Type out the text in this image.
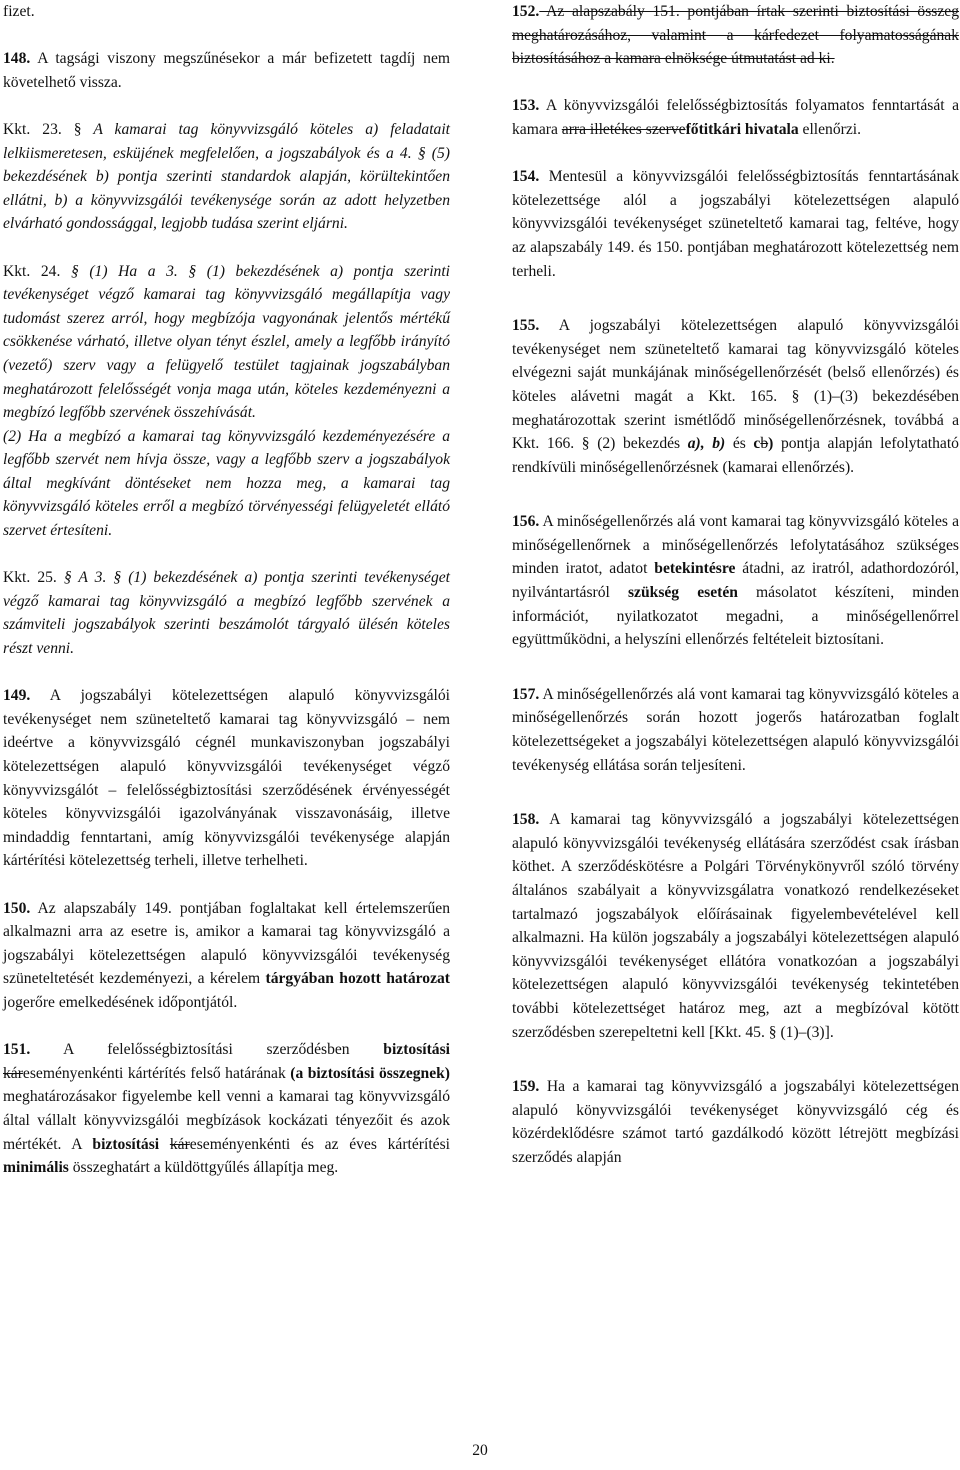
fizet.

148. A tagsági viszony megszűnésekor a már befizetett tagdíj nem követelhető vissza.

Kkt. 23. § A kamarai tag könyvvizsgáló köteles a) feladatait lelkiismeretesen, esküjének megfelelően, a jogszabályok és a 4. § (5) bekezdésének b) pontja szerinti standardok alapján, körültekintően ellátni, b) a könyvvizsgálói tevékenysége során az adott helyzetben elvárható gondossággal, legjobb tudása szerint eljárni.

Kkt. 24. § (1) Ha a 3. § (1) bekezdésének a) pontja szerinti tevékenységet végző kamarai tag könyvvizsgáló megállapítja vagy tudomást szerez arról, hogy megbízója vagyonának jelentős mértékű csökkenése várható, illetve olyan tényt észlel, amely a legfőbb irányító (vezető) szerv vagy a felügyelő testület tagjainak jogszabályban meghatározott felelősségét vonja maga után, köteles kezdeményezni a megbízó legfőbb szervének összehívását.

(2) Ha a megbízó a kamarai tag könyvvizsgáló kezdeményezésére a legfőbb szervét nem hívja össze, vagy a legfőbb szerv a jogszabályok által megkívánt döntéseket nem hozza meg, a kamarai tag könyvvizsgáló köteles erről a megbízó törvényességi felügyeletét ellátó szervet értesíteni.

Kkt. 25. § A 3. § (1) bekezdésének a) pontja szerinti tevékenységet végző kamarai tag könyvvizsgáló a megbízó legfőbb szervének a számviteli jogszabályok szerinti beszámolót tárgyaló ülésén köteles részt venni.

149. A jogszabályi kötelezettségen alapuló könyvvizsgálói tevékenységet nem szüneteltető kamarai tag könyvvizsgáló – nem ideértve a könyvvizsgáló cégnél munkaviszonyban jogszabályi kötelezettségen alapuló könyvvizsgálói tevékenységet végző könyvvizsgálót – felelősségbiztosítási szerződésének érvényességét köteles könyvvizsgálói igazolványának visszavonásáig, illetve mindaddig fenntartani, amíg könyvvizsgálói tevékenysége alapján kártérítési kötelezettség terheli, illetve terhelheti.

150. Az alapszabály 149. pontjában foglaltakat kell értelemszerűen alkalmazni arra az esetre is, amikor a kamarai tag könyvvizsgáló a jogszabályi kötelezettségen alapuló könyvvizsgálói tevékenység szüneteltetését kezdeményezi, a kérelem tárgyában hozott határozat jogerőre emelkedésének időpontjától.

151. A felelősségbiztosítási szerződésben biztosítási káreseményenkénti kártérítés felső határának (a biztosítási összegnek) meghatározásakor figyelembe kell venni a kamarai tag könyvvizsgáló által vállalt könyvvizsgálói megbízások kockázati tényezőit és azok mértékét. A biztosítási káreseményenkénti és az éves kártérítési minimális összeghatárt a küldöttgyűlés állapítja meg.

152. Az alapszabály 151. pontjában írtak szerinti biztosítási összeg meghatározásához, valamint a kárfedezet folyamatosságának biztosításához a kamara elnöksége útmutatást ad ki.

153. A könyvvizsgálói felelősségbiztosítás folyamatos fenntartását a kamara arra illetékes szervefőtitkári hivatala ellenőrzi.

154. Mentesül a könyvvizsgálói felelősségbiztosítás fenntartásának kötelezettsége alól a jogszabályi kötelezettségen alapuló könyvvizsgálói tevékenységet szüneteltető kamarai tag, feltéve, hogy az alapszabály 149. és 150. pontjában meghatározott kötelezettség nem terheli.

155. A jogszabályi kötelezettségen alapuló könyvvizsgálói tevékenységet nem szüneteltető kamarai tag könyvvizsgáló köteles elvégezni saját munkájának minőségellenőrzését (belső ellenőrzés) és köteles alávetni magát a Kkt. 165. § (1)–(3) bekezdésében meghatározottak szerint ismétlődő minőségellenőrzésnek, továbbá a Kkt. 166. § (2) bekezdés a), b) és cb) pontja alapján lefolytatható rendkívüli minőségellenőrzésnek (kamarai ellenőrzés).

156. A minőségellenőrzés alá vont kamarai tag könyvvizsgáló köteles a minőségellenőrnek a minőségellenőrzés lefolytatásához szükséges minden iratot, adatot betekintésre átadni, az iratról, adathordozóról, nyilvántartásról szükség esetén másolatot készíteni, minden információt, nyilatkozatot megadni, a minőségellenőrrel együttműködni, a helyszíni ellenőrzés feltételeit biztosítani.

157. A minőségellenőrzés alá vont kamarai tag könyvvizsgáló köteles a minőségellenőrzés során hozott jogerős határozatban foglalt kötelezettségeket a jogszabályi kötelezettségen alapuló könyvvizsgálói tevékenység ellátása során teljesíteni.

158. A kamarai tag könyvvizsgáló a jogszabályi kötelezettségen alapuló könyvvizsgálói tevékenység ellátására szerződést csak írásban köthet. A szerződéskötésre a Polgári Törvénykönyvről szóló törvény általános szabályait a könyvvizsgálatra vonatkozó rendelkezéseket tartalmazó jogszabályok előírásainak figyelembevételével kell alkalmazni. Ha külön jogszabály a jogszabályi kötelezettségen alapuló könyvvizsgálói tevékenységet ellátóra vonatkozóan a jogszabályi kötelezettségen alapuló könyvvizsgálói tevékenység tekintetében további kötelezettséget határoz meg, azt a megbízóval kötött szerződésben szerepeltetni kell [Kkt. 45. § (1)–(3)].

159. Ha a kamarai tag könyvvizsgáló a jogszabályi kötelezettségen alapuló könyvvizsgálói tevékenységet könyvvizsgáló cég és közérdeklődésre számot tartó gazdálkodó között létrejött megbízási szerződés alapján

20
